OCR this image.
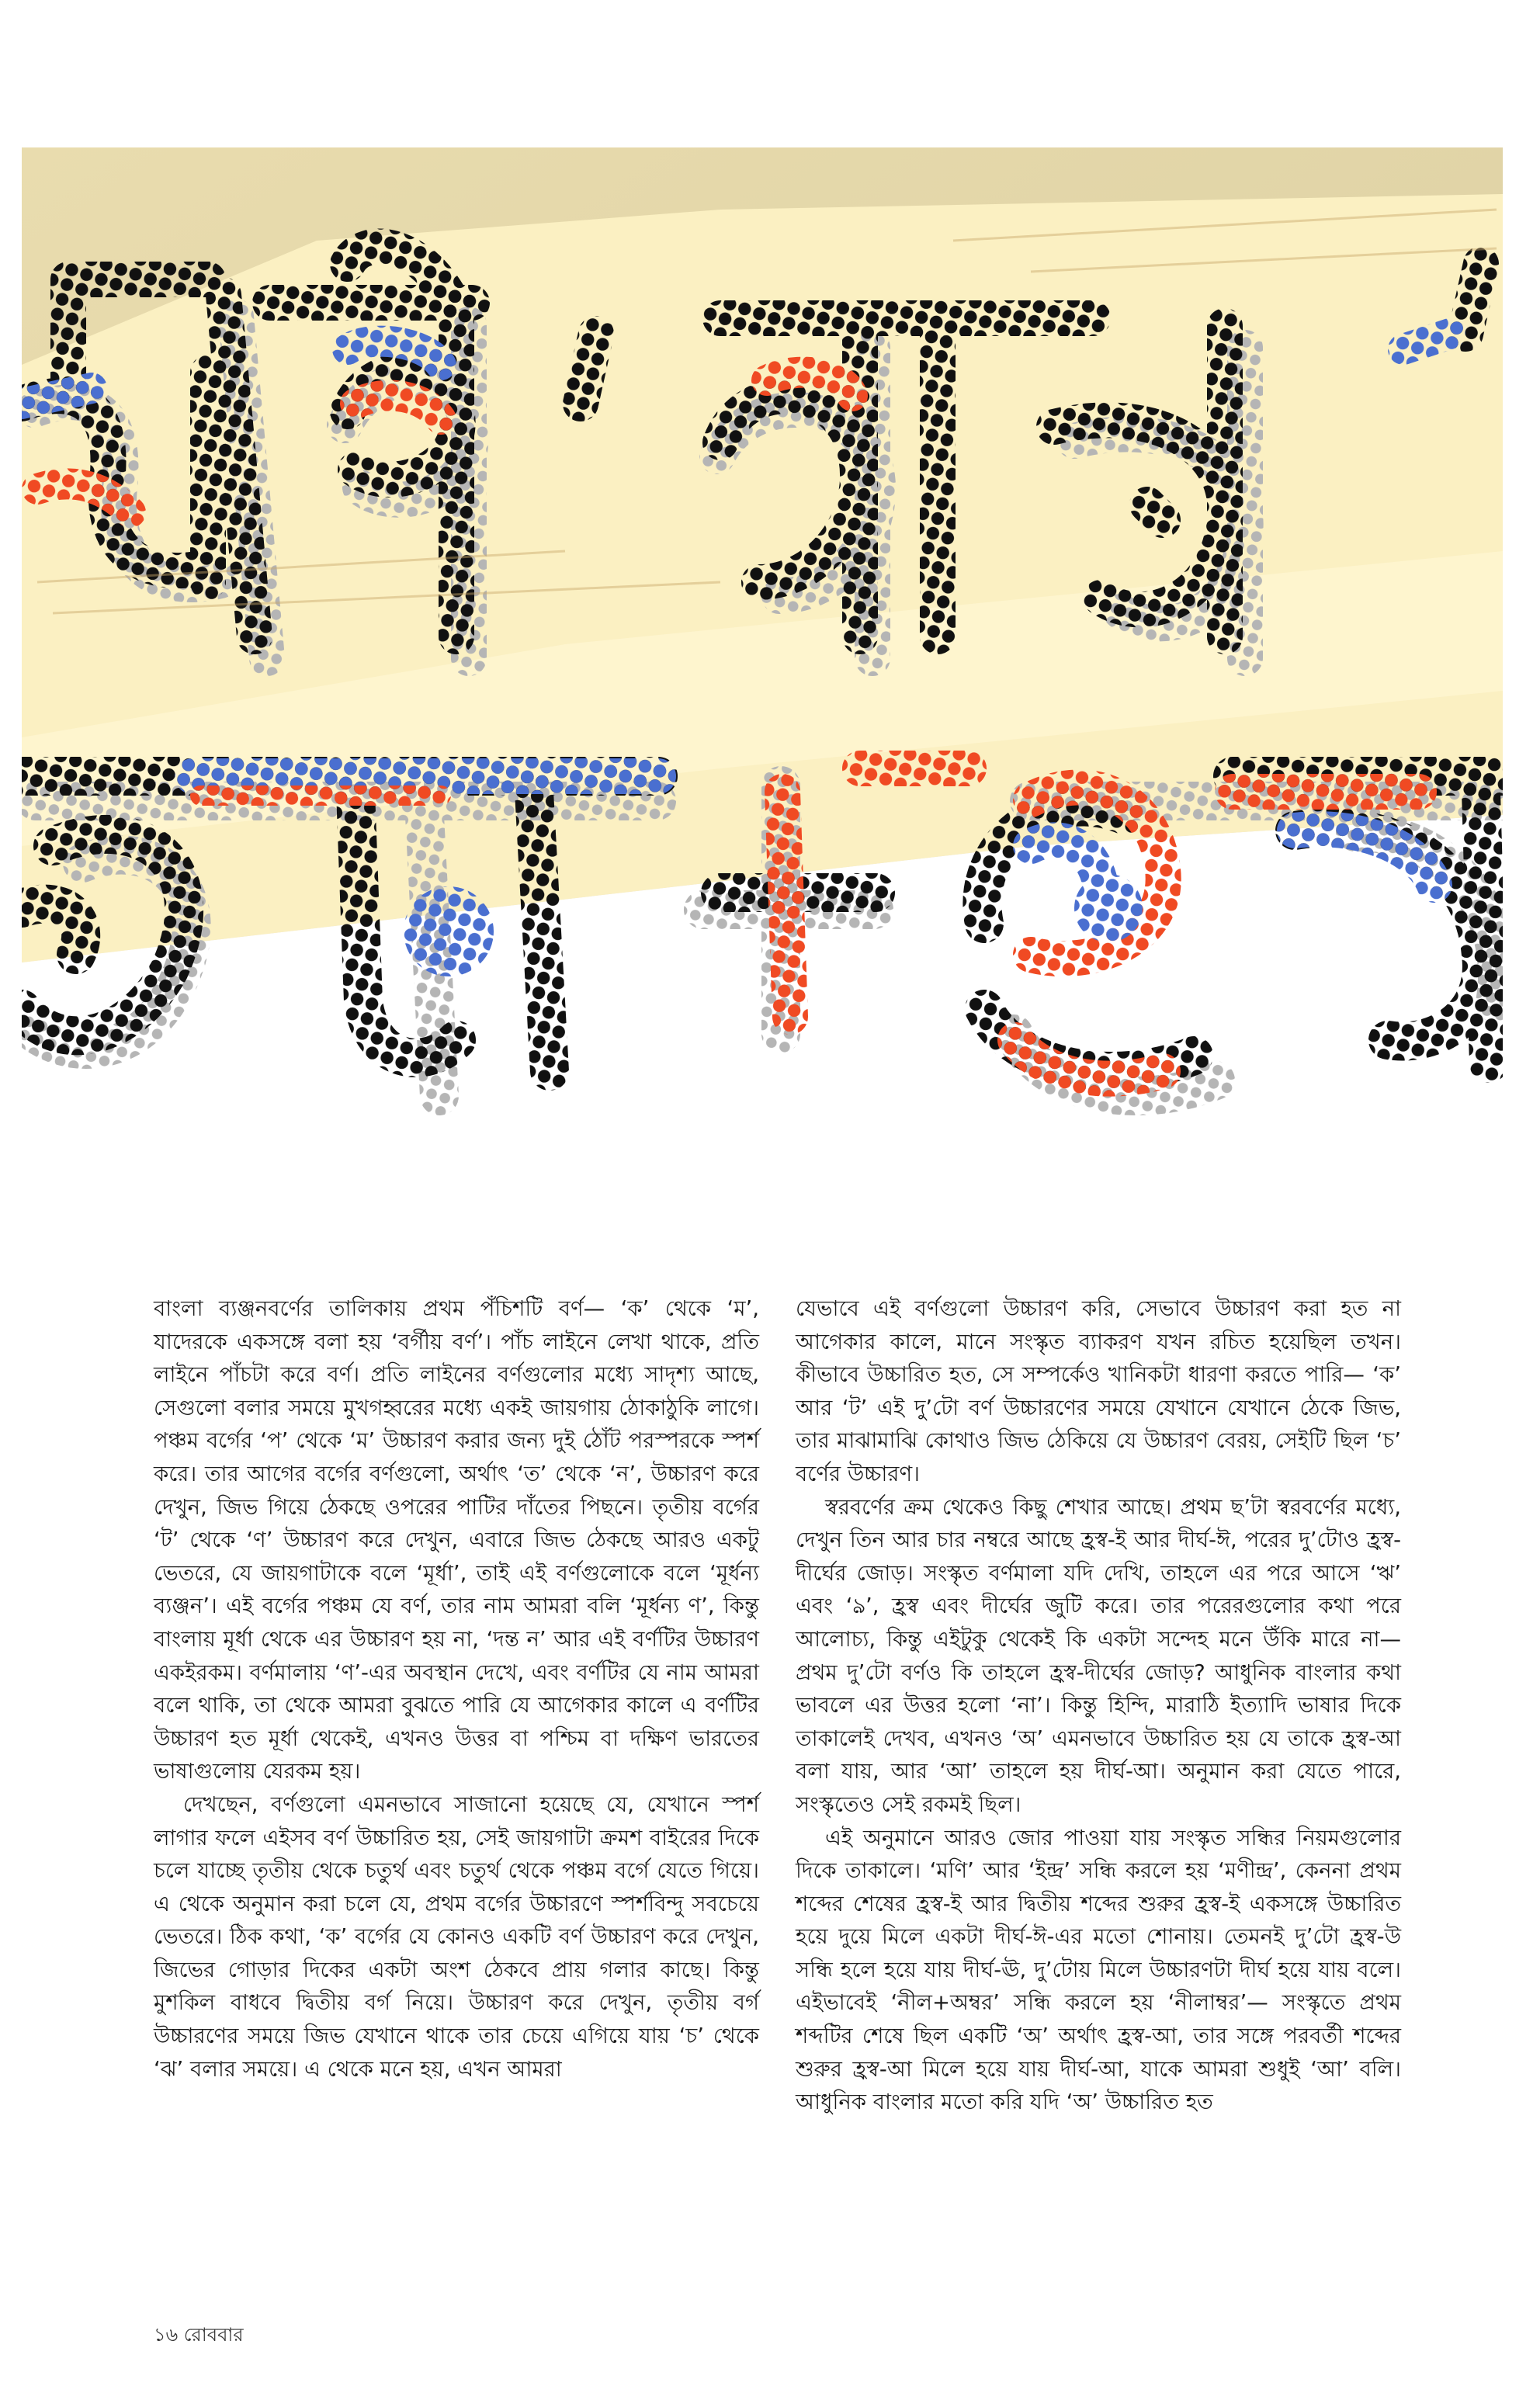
বাংলা ব্যঞ্জনবর্ণের তালিকায় প্রথম পঁচিশটি বর্ণ— ‘ক’ থেকে ‘ম’, যাদেরকে একসঙ্গে বলা হয় ‘বর্গীয় বর্ণ’। পাঁচ লাইনে লেখা থাকে, প্রতি লাইনে পাঁচটা করে বর্ণ। প্রতি লাইনের বর্ণগুলোর মধ্যে সাদৃশ্য আছে, সেগুলো বলার সময়ে মুখগহ্বরের মধ্যে একই জায়গায় ঠোকাঠুকি লাগে। পঞ্চম বর্গের ‘প’ থেকে ‘ম’ উচ্চারণ করার জন্য দুই ঠোঁট পরস্পরকে স্পর্শ করে। তার আগের বর্গের বর্ণগুলো, অর্থাৎ ‘ত’ থেকে ‘ন’, উচ্চারণ করে দেখুন, জিভ গিয়ে ঠেকছে ওপরের পাটির দাঁতের পিছনে। তৃতীয় বর্গের ‘ট’ থেকে ‘ণ’ উচ্চারণ করে দেখুন, এবারে জিভ ঠেকছে আরও একটু ভেতরে, যে জায়গাটাকে বলে ‘মূর্ধা’, তাই এই বর্ণগুলোকে বলে ‘মূর্ধন্য ব্যঞ্জন’। এই বর্গের পঞ্চম যে বর্ণ, তার নাম আমরা বলি ‘মূর্ধন্য ণ’, কিন্তু বাংলায় মূর্ধা থেকে এর উচ্চারণ হয় না, ‘দন্ত ন’ আর এই বর্ণটির উচ্চারণ একইরকম। বর্ণমালায় ‘ণ’-এর অবস্থান দেখে, এবং বর্ণটির যে নাম আমরা বলে থাকি, তা থেকে আমরা বুঝতে পারি যে আগেকার কালে এ বর্ণটির উচ্চারণ হত মূর্ধা থেকেই, এখনও উত্তর বা পশ্চিম বা দক্ষিণ ভারতের ভাষাগুলোয় যেরকম হয়।

দেখছেন, বর্ণগুলো এমনভাবে সাজানো হয়েছে যে, যেখানে স্পর্শ লাগার ফলে এইসব বর্ণ উচ্চারিত হয়, সেই জায়গাটা ক্রমশ বাইরের দিকে চলে যাচ্ছে তৃতীয় থেকে চতুর্থ এবং চতুর্থ থেকে পঞ্চম বর্গে যেতে গিয়ে। এ থেকে অনুমান করা চলে যে, প্রথম বর্গের উচ্চারণে স্পর্শবিন্দু সবচেয়ে ভেতরে। ঠিক কথা, ‘ক’ বর্গের যে কোনও একটি বর্ণ উচ্চারণ করে দেখুন, জিভের গোড়ার দিকের একটা অংশ ঠেকবে প্রায় গলার কাছে। কিন্তু মুশকিল বাধবে দ্বিতীয় বর্গ নিয়ে। উচ্চারণ করে দেখুন, তৃতীয় বর্গ উচ্চারণের সময়ে জিভ যেখানে থাকে তার চেয়ে এগিয়ে যায় ‘চ’ থেকে ‘ঝ’ বলার সময়ে। এ থেকে মনে হয়, এখন আমরা

যেভাবে এই বর্ণগুলো উচ্চারণ করি, সেভাবে উচ্চারণ করা হত না আগেকার কালে, মানে সংস্কৃত ব্যাকরণ যখন রচিত হয়েছিল তখন। কীভাবে উচ্চারিত হত, সে সম্পর্কেও খানিকটা ধারণা করতে পারি— ‘ক’ আর ‘ট’ এই দু’টো বর্ণ উচ্চারণের সময়ে যেখানে যেখানে ঠেকে জিভ, তার মাঝামাঝি কোথাও জিভ ঠেকিয়ে যে উচ্চারণ বেরয়, সেইটি ছিল ‘চ’ বর্ণের উচ্চারণ।

স্বরবর্ণের ক্রম থেকেও কিছু শেখার আছে। প্রথম ছ’টা স্বরবর্ণের মধ্যে, দেখুন তিন আর চার নম্বরে আছে হ্রস্ব-ই আর দীর্ঘ-ঈ, পরের দু’টোও হ্রস্ব-দীর্ঘের জোড়। সংস্কৃত বর্ণমালা যদি দেখি, তাহলে এর পরে আসে ‘ঋ’ এবং ‘ঌ’, হ্রস্ব এবং দীর্ঘের জুটি করে। তার পরেরগুলোর কথা পরে আলোচ্য, কিন্তু এইটুকু থেকেই কি একটা সন্দেহ মনে উঁকি মারে না— প্রথম দু’টো বর্ণও কি তাহলে হ্রস্ব-দীর্ঘের জোড়? আধুনিক বাংলার কথা ভাবলে এর উত্তর হলো ‘না’। কিন্তু হিন্দি, মারাঠি ইত্যাদি ভাষার দিকে তাকালেই দেখব, এখনও ‘অ’ এমনভাবে উচ্চারিত হয় যে তাকে হ্রস্ব-আ বলা যায়, আর ‘আ’ তাহলে হয় দীর্ঘ-আ। অনুমান করা যেতে পারে, সংস্কৃতেও সেই রকমই ছিল।

এই অনুমানে আরও জোর পাওয়া যায় সংস্কৃত সন্ধির নিয়মগুলোর দিকে তাকালে। ‘মণি’ আর ‘ইন্দ্র’ সন্ধি করলে হয় ‘মণীন্দ্র’, কেননা প্রথম শব্দের শেষের হ্রস্ব-ই আর দ্বিতীয় শব্দের শুরুর হ্রস্ব-ই একসঙ্গে উচ্চারিত হয়ে দুয়ে মিলে একটা দীর্ঘ-ঈ-এর মতো শোনায়। তেমনই দু’টো হ্রস্ব-উ সন্ধি হলে হয়ে যায় দীর্ঘ-ঊ, দু’টোয় মিলে উচ্চারণটা দীর্ঘ হয়ে যায় বলে। এইভাবেই ‘নীল+অম্বর’ সন্ধি করলে হয় ‘নীলাম্বর’— সংস্কৃতে প্রথম শব্দটির শেষে ছিল একটি ‘অ’ অর্থাৎ হ্রস্ব-আ, তার সঙ্গে পরবর্তী শব্দের শুরুর হ্রস্ব-আ মিলে হয়ে যায় দীর্ঘ-আ, যাকে আমরা শুধুই ‘আ’ বলি। আধুনিক বাংলার মতো করি যদি ‘অ’ উচ্চারিত হত

১৬ রোববার
